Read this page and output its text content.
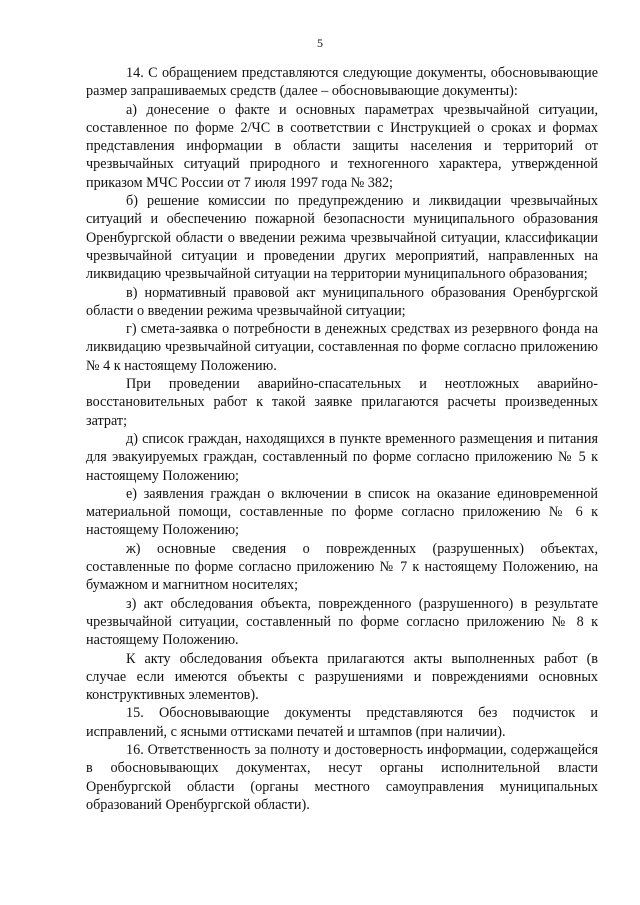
5

14. С обращением представляются следующие документы, обосновывающие размер запрашиваемых средств (далее – обосновывающие документы):

а) донесение о факте и основных параметрах чрезвычайной ситуации, составленное по форме 2/ЧС в соответствии с Инструкцией о сроках и формах представления информации в области защиты населения и территорий от чрезвычайных ситуаций природного и техногенного характера, утвержденной приказом МЧС России от 7 июля 1997 года № 382;

б) решение комиссии по предупреждению и ликвидации чрезвычайных ситуаций и обеспечению пожарной безопасности муниципального образования Оренбургской области о введении режима чрезвычайной ситуации, классификации чрезвычайной ситуации и проведении других мероприятий, направленных на ликвидацию чрезвычайной ситуации на территории муниципального образования;

в) нормативный правовой акт муниципального образования Оренбургской области о введении режима чрезвычайной ситуации;

г) смета-заявка о потребности в денежных средствах из резервного фонда на ликвидацию чрезвычайной ситуации, составленная по форме согласно приложению № 4 к настоящему Положению.

При проведении аварийно-спасательных и неотложных аварийно-восстановительных работ к такой заявке прилагаются расчеты произведенных затрат;

д) список граждан, находящихся в пункте временного размещения и питания для эвакуируемых граждан, составленный по форме согласно приложению № 5 к настоящему Положению;

е) заявления граждан о включении в список на оказание единовременной материальной помощи, составленные по форме согласно приложению № 6 к настоящему Положению;

ж) основные сведения о поврежденных (разрушенных) объектах, составленные по форме согласно приложению № 7 к настоящему Положению, на бумажном и магнитном носителях;

з) акт обследования объекта, поврежденного (разрушенного) в результате чрезвычайной ситуации, составленный по форме согласно приложению № 8 к настоящему Положению.

К акту обследования объекта прилагаются акты выполненных работ (в случае если имеются объекты с разрушениями и повреждениями основных конструктивных элементов).

15. Обосновывающие документы представляются без подчисток и исправлений, с ясными оттисками печатей и штампов (при наличии).

16. Ответственность за полноту и достоверность информации, содержащейся в обосновывающих документах, несут органы исполнительной власти Оренбургской области (органы местного самоуправления муниципальных образований Оренбургской области).
